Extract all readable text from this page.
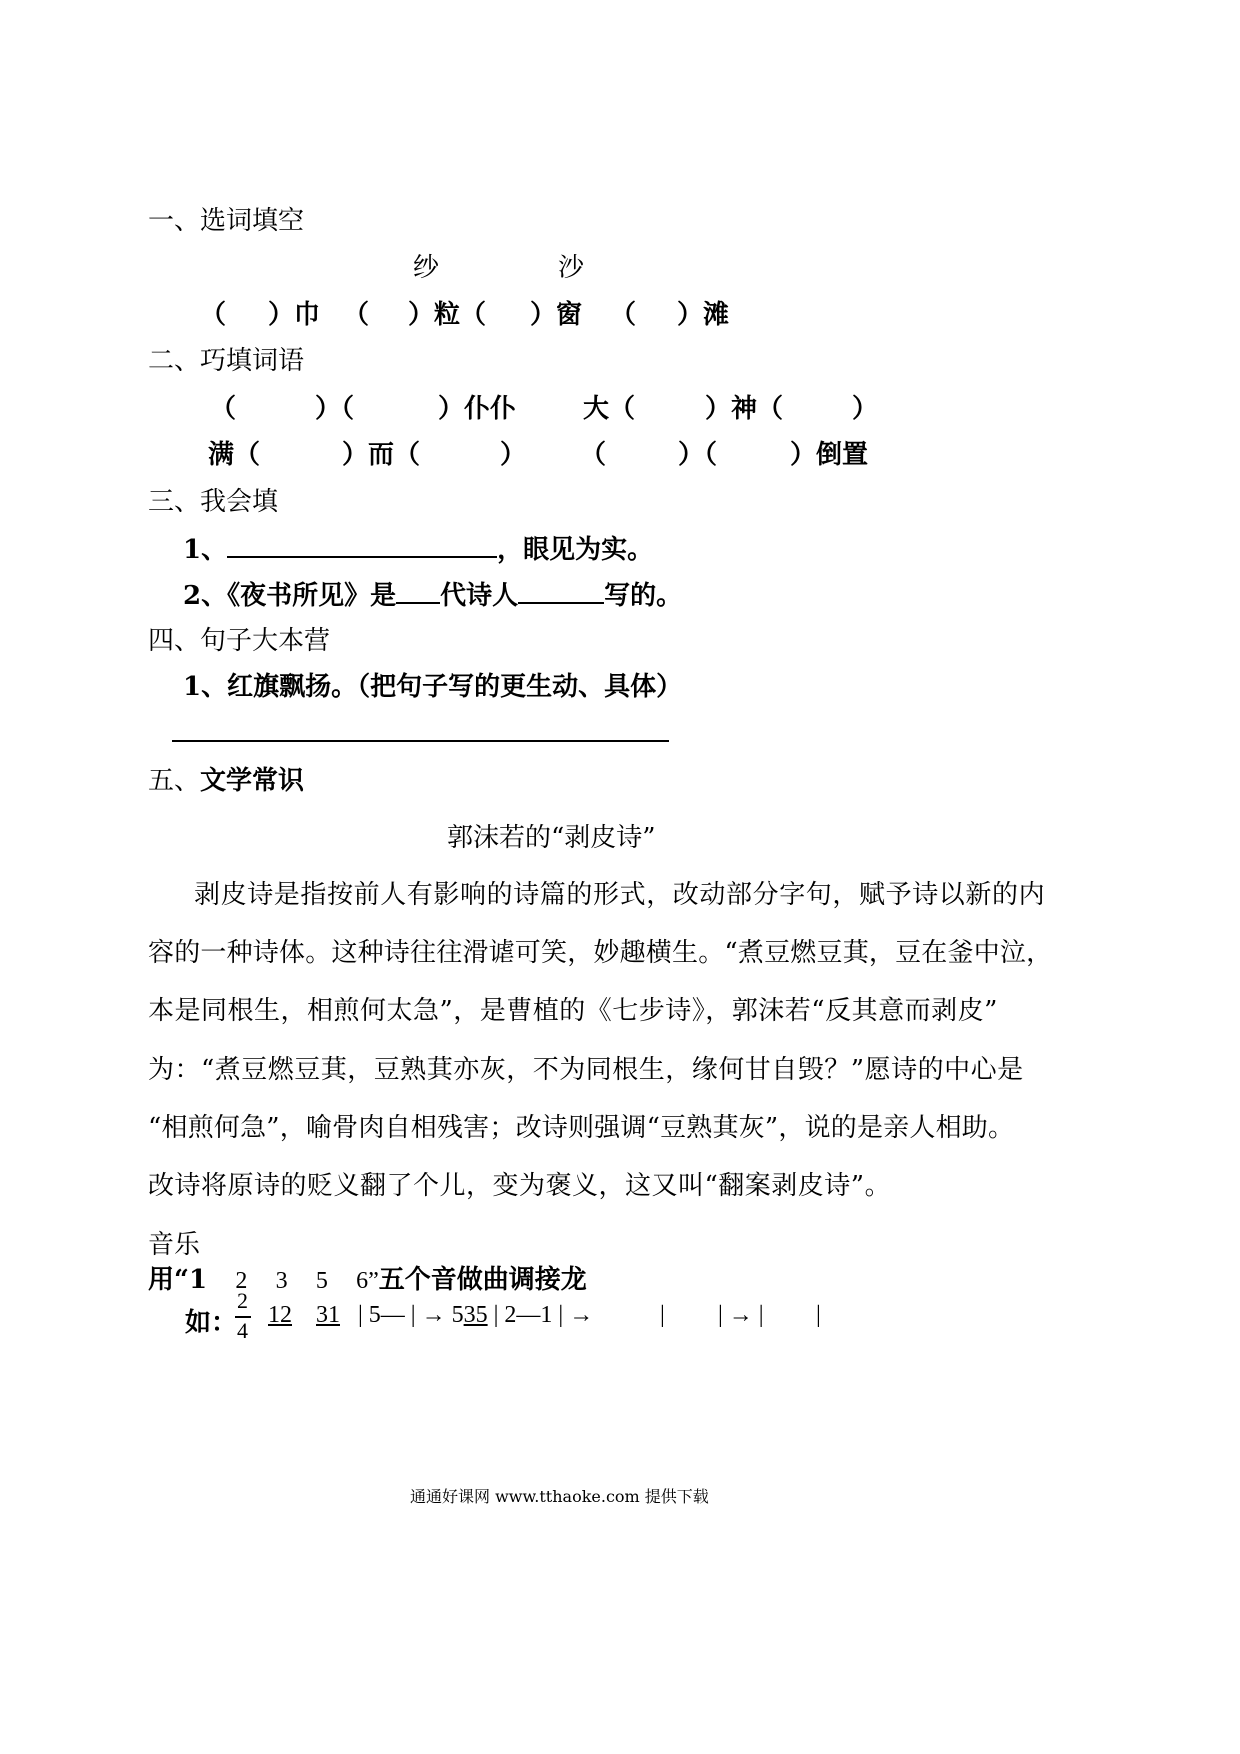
一、选词填空
纱	沙
（ ）巾 （ ）粒（ ）窗 （ ）滩
二、巧填词语
（	）（	）仆仆	大（	）神（	）
满（	）而（	） （	）（	）倒置
三、我会填
1、	，眼见为实。
2、《夜书所见》是 代诗人	写的。
四、句子大本营
1、红旗飘扬。（把句子写的更生动、具体）
五、文学常识
郭沫若的“剥皮诗”
剥皮诗是指按前人有影响的诗篇的形式，改动部分字句，赋予诗以新的内
容的一种诗体。这种诗往往滑谑可笑，妙趣横生。“煮豆燃豆萁，豆在釜中泣，
本是同根生，相煎何太急”，是曹植的《七步诗》，郭沫若“反其意而剥皮”
为：“煮豆燃豆萁，豆熟萁亦灰，不为同根生，缘何甘自毁？”愿诗的中心是
“相煎何急”，喻骨肉自相残害；改诗则强调“豆熟萁灰”，说的是亲人相助。
改诗将原诗的贬义翻了个儿，变为褒义，这又叫“翻案剥皮诗”。
音乐
用“1 2 3 5 6”五个音做曲调接龙
如：
2
4
12 31 | 5— | → 535 | 2—1 | →	| | → | |
通通好课网 www.tthaoke.com 提供下载
